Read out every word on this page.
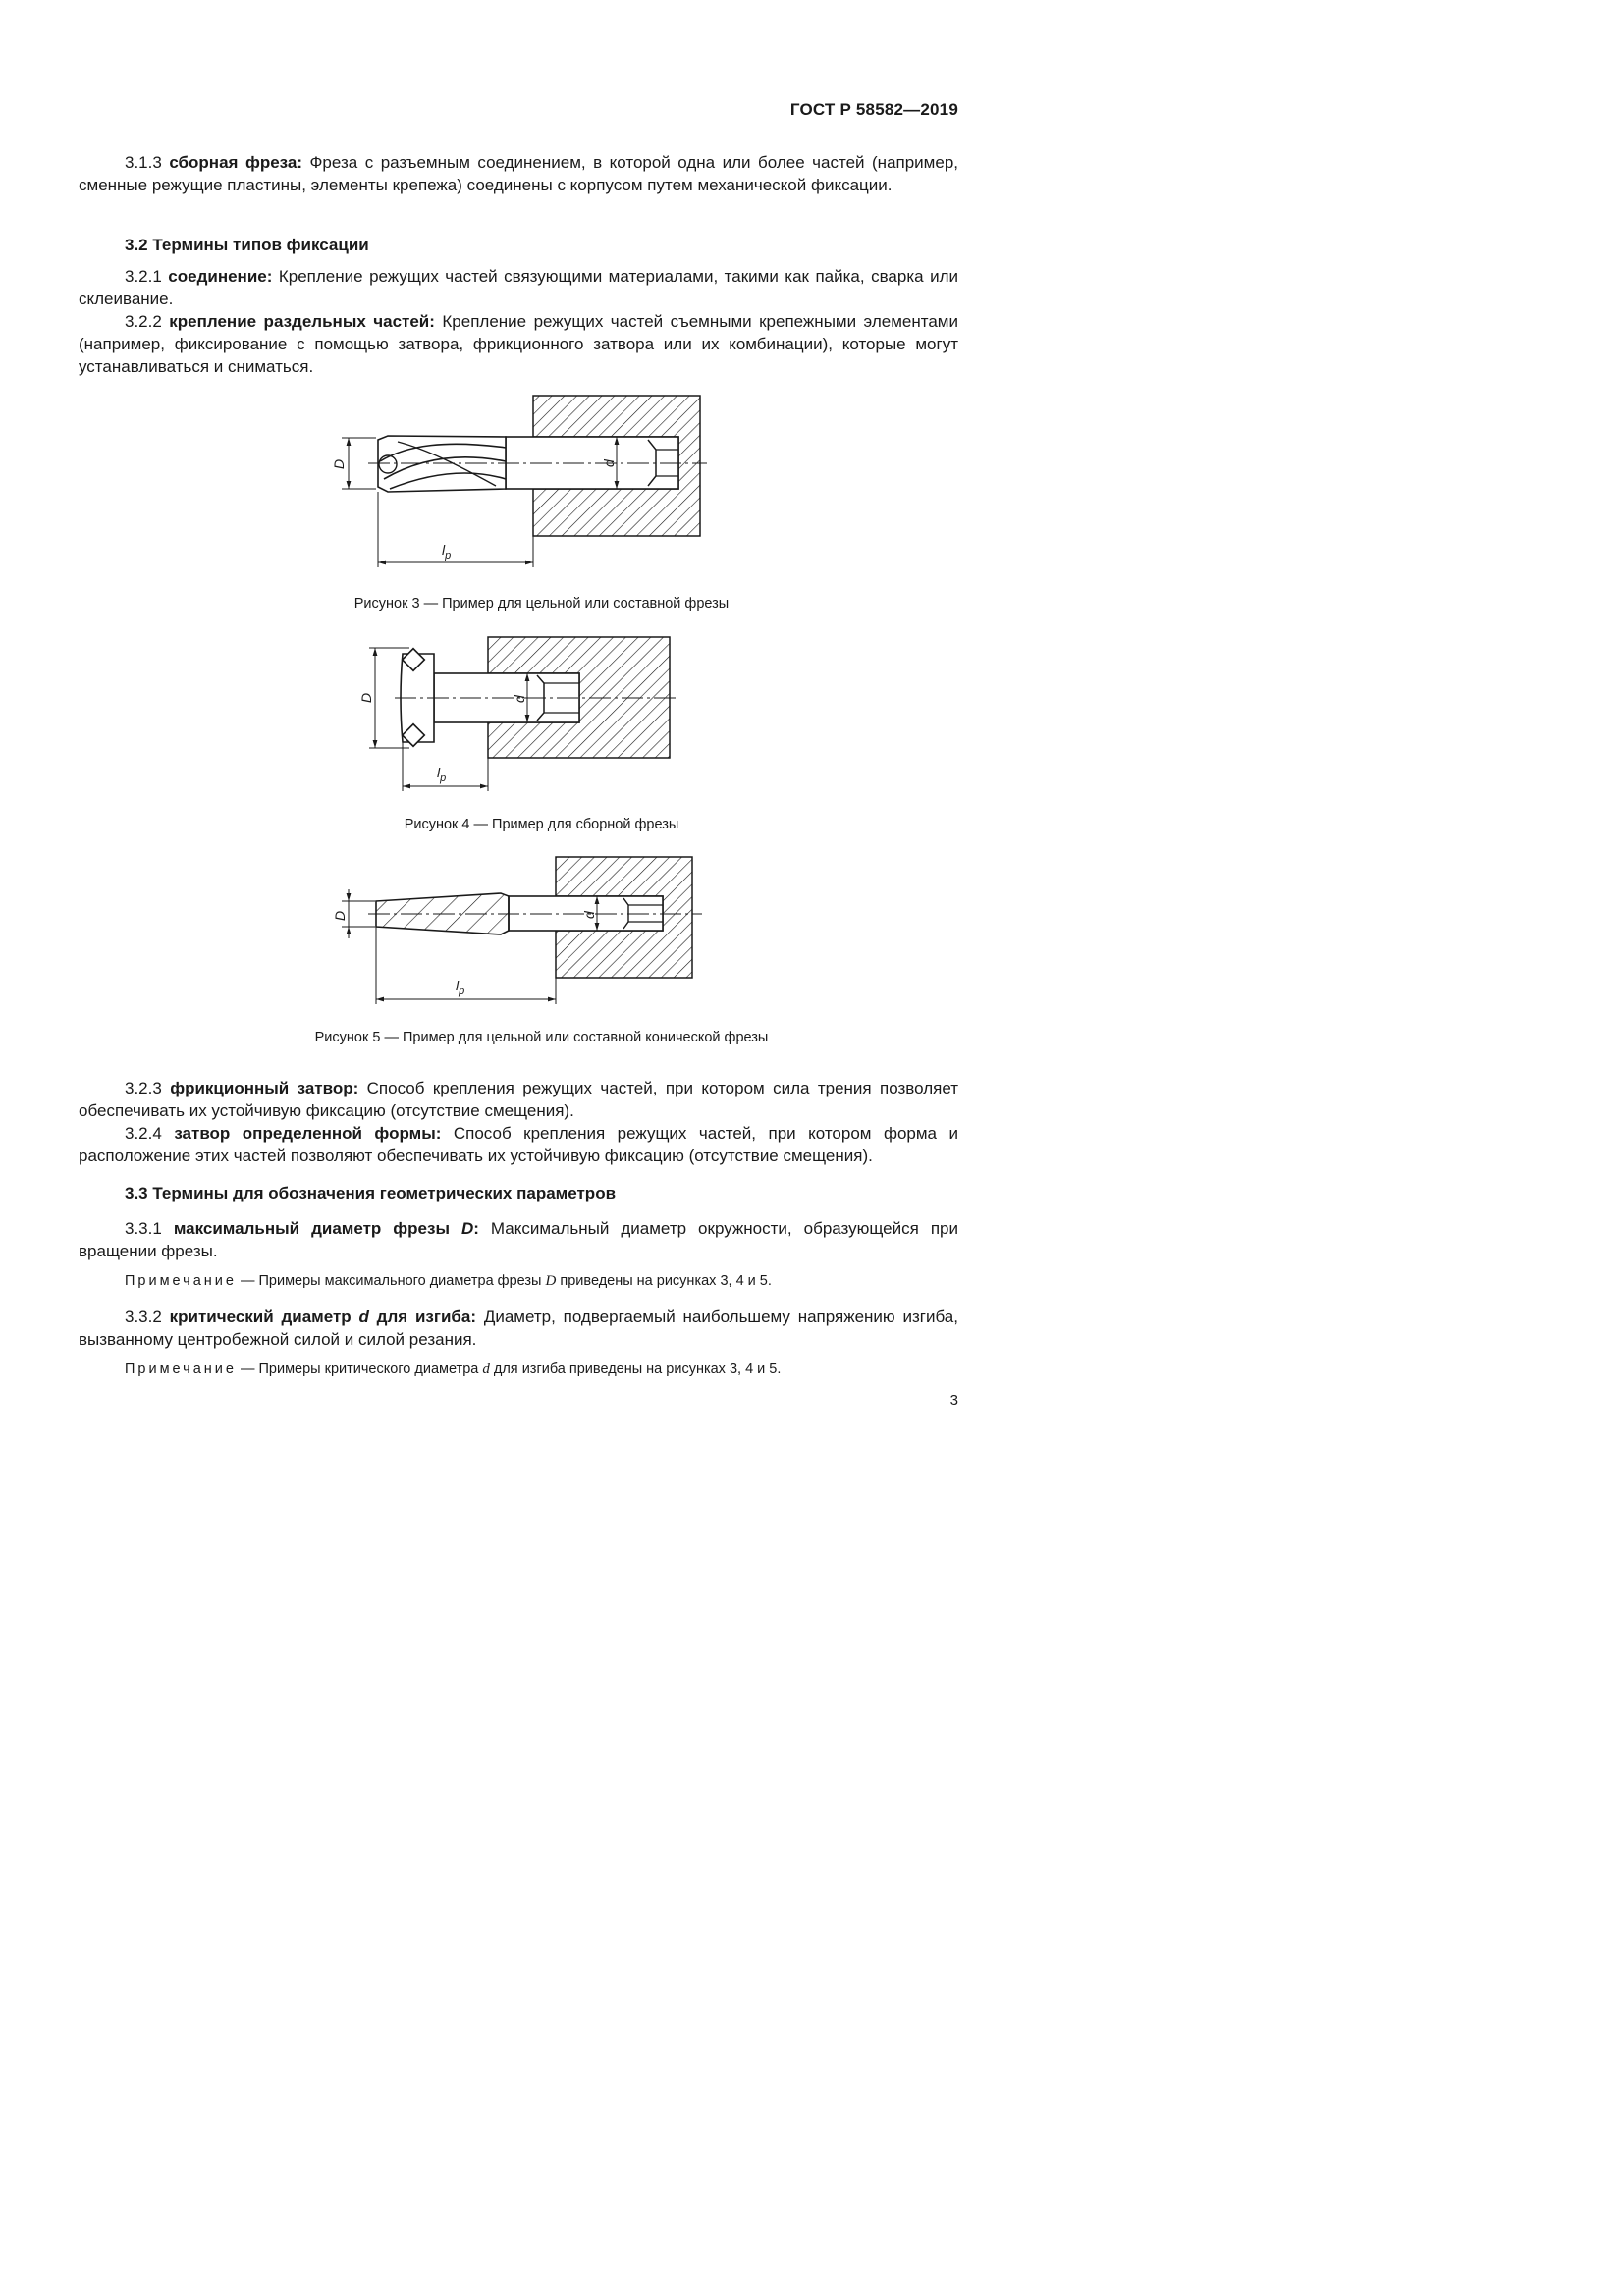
ГОСТ Р 58582—2019
3.1.3 сборная фреза: Фреза с разъемным соединением, в которой одна или более частей (например, сменные режущие пластины, элементы крепежа) соединены с корпусом путем механической фиксации.
3.2 Термины типов фиксации
3.2.1 соединение: Крепление режущих частей связующими материалами, такими как пайка, сварка или склеивание.
3.2.2 крепление раздельных частей: Крепление режущих частей съемными крепежными элементами (например, фиксирование с помощью затвора, фрикционного затвора или их комбинации), которые могут устанавливаться и сниматься.
D	d
$l_p$
Рисунок 3 — Пример для цельной или составной фрезы
D	d
$l_p$
Рисунок 4 — Пример для сборной фрезы
D	d
$l_p$
Рисунок 5 — Пример для цельной или составной конической фрезы
3.2.3 фрикционный затвор: Способ крепления режущих частей, при котором сила трения позволяет обеспечивать их устойчивую фиксацию (отсутствие смещения).
3.2.4 затвор определенной формы: Способ крепления режущих частей, при котором форма и расположение этих частей позволяют обеспечивать их устойчивую фиксацию (отсутствие смещения).
3.3 Термины для обозначения геометрических параметров
3.3.1 максимальный диаметр фрезы D: Максимальный диаметр окружности, образующейся при вращении фрезы.
Примечание — Примеры максимального диаметра фрезы D приведены на рисунках 3, 4 и 5.
3.3.2 критический диаметр d для изгиба: Диаметр, подвергаемый наибольшему напряжению изгиба, вызванному центробежной силой и силой резания.
Примечание — Примеры критического диаметра d для изгиба приведены на рисунках 3, 4 и 5.
3
